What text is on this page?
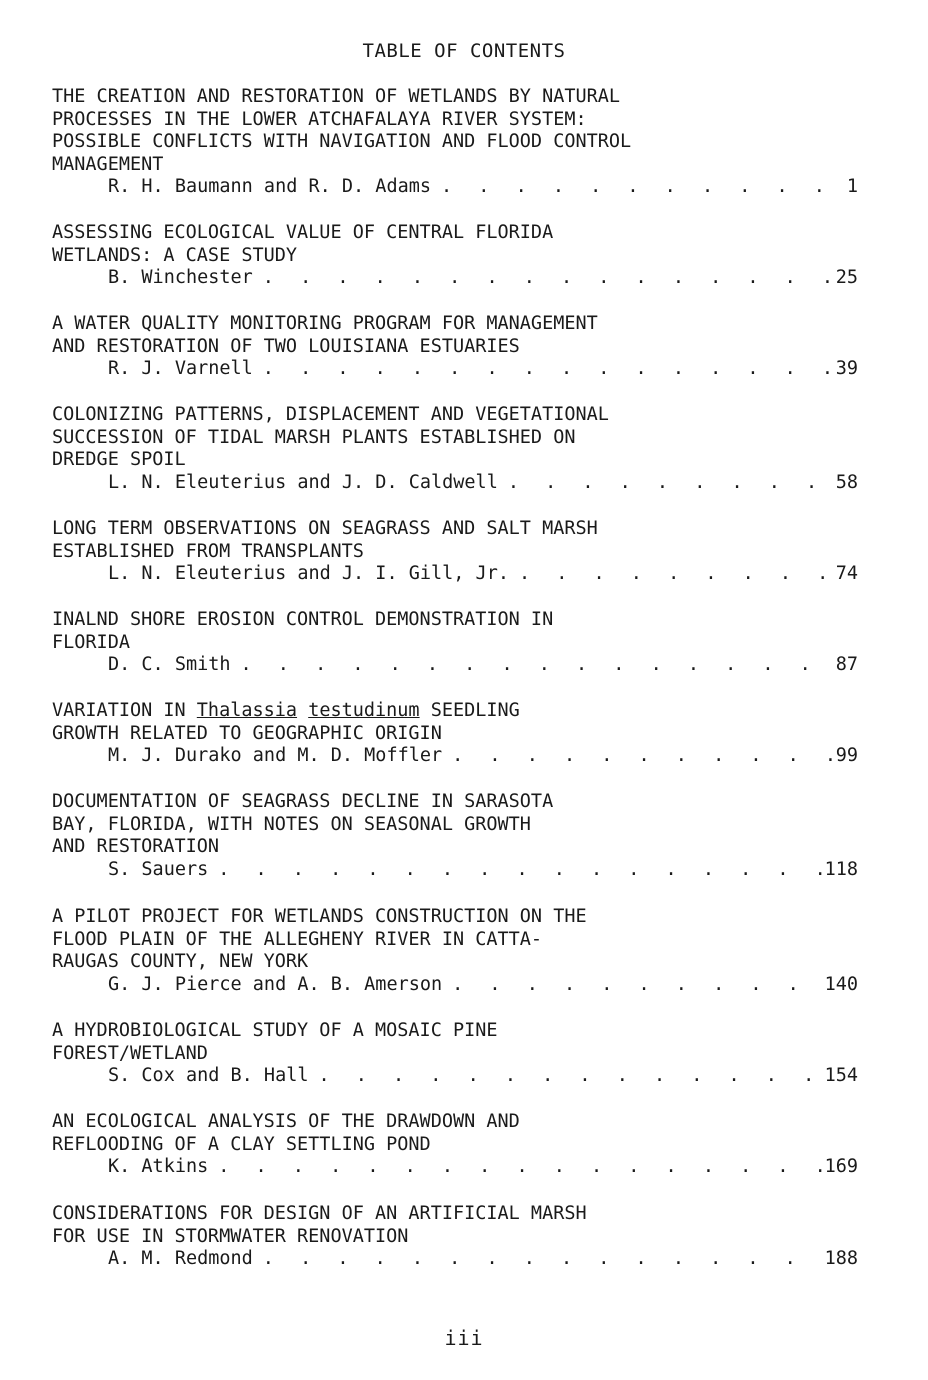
TABLE OF CONTENTS
THE CREATION AND RESTORATION OF WETLANDS BY NATURAL
PROCESSES IN THE LOWER ATCHAFALAYA RIVER SYSTEM:
POSSIBLE CONFLICTS WITH NAVIGATION AND FLOOD CONTROL
MANAGEMENT
R. H. Baumann and R. D. Adams . . .	1
ASSESSING ECOLOGICAL VALUE OF CENTRAL FLORIDA
WETLANDS: A CASE STUDY
B. Winchester . . .	25
A WATER QUALITY MONITORING PROGRAM FOR MANAGEMENT
AND RESTORATION OF TWO LOUISIANA ESTUARIES
R. J. Varnell . . .	39
COLONIZING PATTERNS, DISPLACEMENT AND VEGETATIONAL
SUCCESSION OF TIDAL MARSH PLANTS ESTABLISHED ON
DREDGE SPOIL
L. N. Eleuterius and J. D. Caldwell . . .	58
LONG TERM OBSERVATIONS ON SEAGRASS AND SALT MARSH
ESTABLISHED FROM TRANSPLANTS
L. N. Eleuterius and J. I. Gill, Jr. . . .	74
INALND SHORE EROSION CONTROL DEMONSTRATION IN
FLORIDA
D. C. Smith . . .	87
VARIATION IN Thalassia testudinum SEEDLING
GROWTH RELATED TO GEOGRAPHIC ORIGIN
M. J. Durako and M. D. Moffler . . .	99
DOCUMENTATION OF SEAGRASS DECLINE IN SARASOTA
BAY, FLORIDA, WITH NOTES ON SEASONAL GROWTH
AND RESTORATION
S. Sauers . . .	118
A PILOT PROJECT FOR WETLANDS CONSTRUCTION ON THE
FLOOD PLAIN OF THE ALLEGHENY RIVER IN CATTA-
RAUGAS COUNTY, NEW YORK
G. J. Pierce and A. B. Amerson . . .	140
A HYDROBIOLOGICAL STUDY OF A MOSAIC PINE
FOREST/WETLAND
S. Cox and B. Hall . . .	154
AN ECOLOGICAL ANALYSIS OF THE DRAWDOWN AND
REFLOODING OF A CLAY SETTLING POND
K. Atkins . . .	169
CONSIDERATIONS FOR DESIGN OF AN ARTIFICIAL MARSH
FOR USE IN STORMWATER RENOVATION
A. M. Redmond . . .	188
iii
